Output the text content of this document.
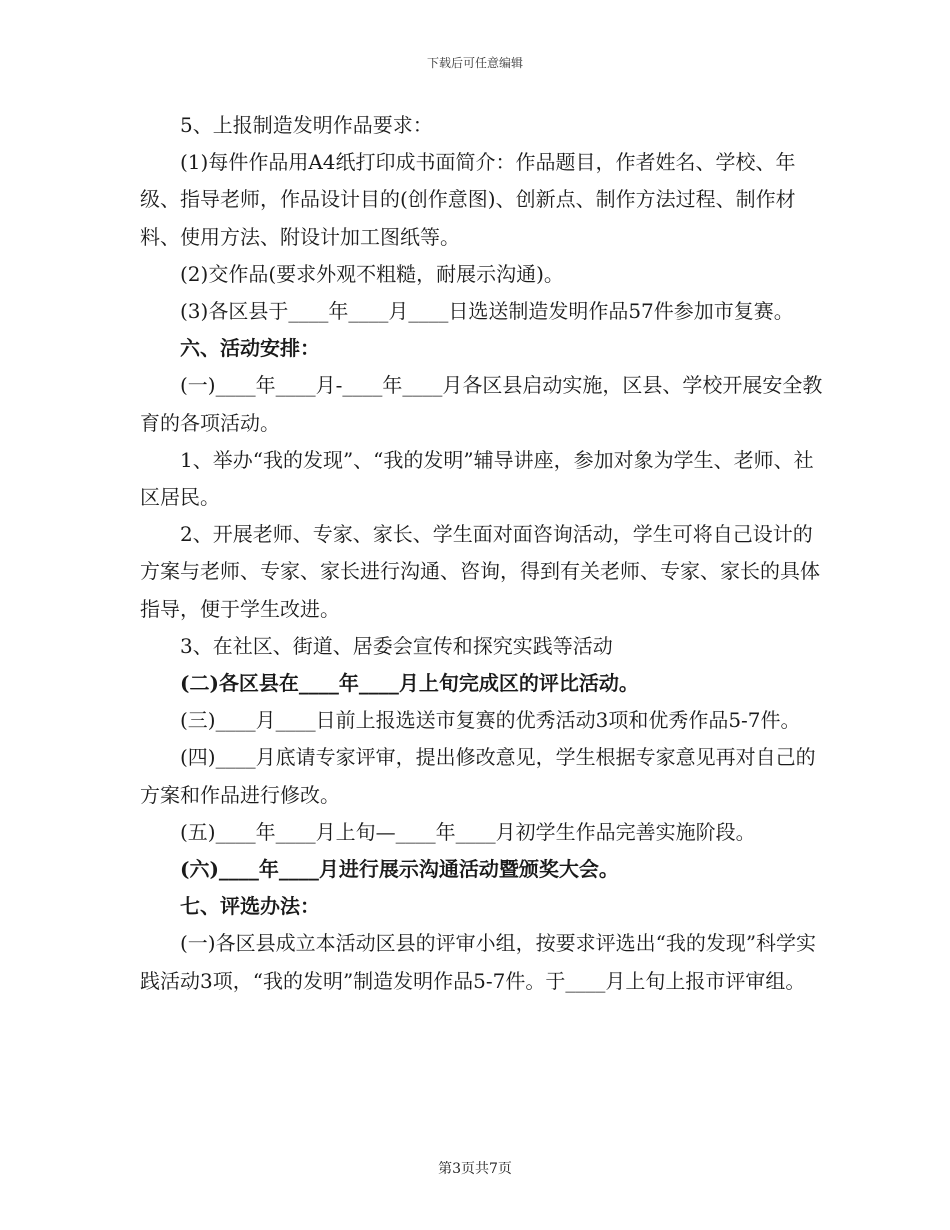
下载后可任意编辑

5、上报制造发明作品要求：

(1)每件作品用A4纸打印成书面简介：作品题目，作者姓名、学校、年级、指导老师，作品设计目的(创作意图)、创新点、制作方法过程、制作材料、使用方法、附设计加工图纸等。

(2)交作品(要求外观不粗糙，耐展示沟通)。

(3)各区县于____年____月____日选送制造发明作品57件参加市复赛。

六、活动安排：

(一)____年____月-____年____月各区县启动实施，区县、学校开展安全教育的各项活动。

1、举办“我的发现”、“我的发明”辅导讲座，参加对象为学生、老师、社区居民。

2、开展老师、专家、家长、学生面对面咨询活动，学生可将自己设计的方案与老师、专家、家长进行沟通、咨询，得到有关老师、专家、家长的具体指导，便于学生改进。

3、在社区、街道、居委会宣传和探究实践等活动

(二)各区县在____年____月上旬完成区的评比活动。

(三)____月____日前上报选送市复赛的优秀活动3项和优秀作品5-7件。

(四)____月底请专家评审，提出修改意见，学生根据专家意见再对自己的方案和作品进行修改。

(五)____年____月上旬—____年____月初学生作品完善实施阶段。

(六)____年____月进行展示沟通活动暨颁奖大会。

七、评选办法：

(一)各区县成立本活动区县的评审小组，按要求评选出“我的发现”科学实践活动3项，“我的发明”制造发明作品5-7件。于____月上旬上报市评审组。

第3页共7页
